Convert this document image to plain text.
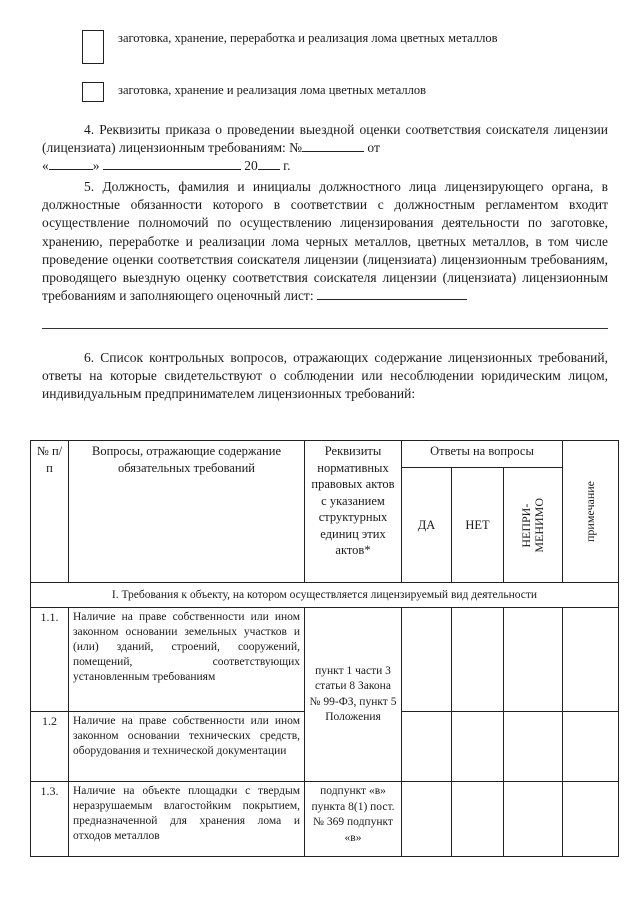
заготовка, хранение, переработка и реализация лома цветных металлов
заготовка, хранение и реализация лома цветных металлов

4. Реквизиты приказа о проведении выездной оценки соответствия соискателя лицензии (лицензиата) лицензионным требованиям: №	от

«	»	20 г.

5. Должность, фамилия и инициалы должностного лица лицензирующего органа, в должностные обязанности которого в соответствии с должностным регламентом входит осуществление полномочий по осуществлению лицензирования деятельности по заготовке, хранению, переработке и реализации лома черных металлов, цветных металлов, в том числе проведение оценки соответствия соискателя лицензии (лицензиата) лицензионным требованиям, проводящего выездную оценку соответствия соискателя лицензии (лицензиата) лицензионным требованиям и заполняющего оценочный лист:

6. Список контрольных вопросов, отражающих содержание лицензионных требований, ответы на которые свидетельствуют о соблюдении или несоблюдении юридическим лицом, индивидуальным предпринимателем лицензионных требований:

№ п/п	Вопросы, отражающие содержание обязательных требований	Реквизиты нормативных правовых актов с указанием структурных единиц этих актов*	Ответы на вопросы			примечание

			ДА	НЕТ	НЕПРИ-
МЕНИМО	

I. Требования к объекту, на котором осуществляется лицензируемый вид деятельности						
1.1.	Наличие на праве собственности или ином законном основании земельных участков и (или) зданий, строений, сооружений, помещений, соответствующих установленным требованиям	пункт 1 части 3 статьи 8 Закона № 99-ФЗ, пункт 5 Положения				
1.2	Наличие на праве собственности или ином законном основании технических средств, оборудования и технической документации					
1.3.	Наличие на объекте площадки с твердым неразрушаемым влагостойким покрытием, предназначенной для хранения лома и отходов металлов	подпункт «в» пункта 8(1) пост. № 369 подпункт «в»				
